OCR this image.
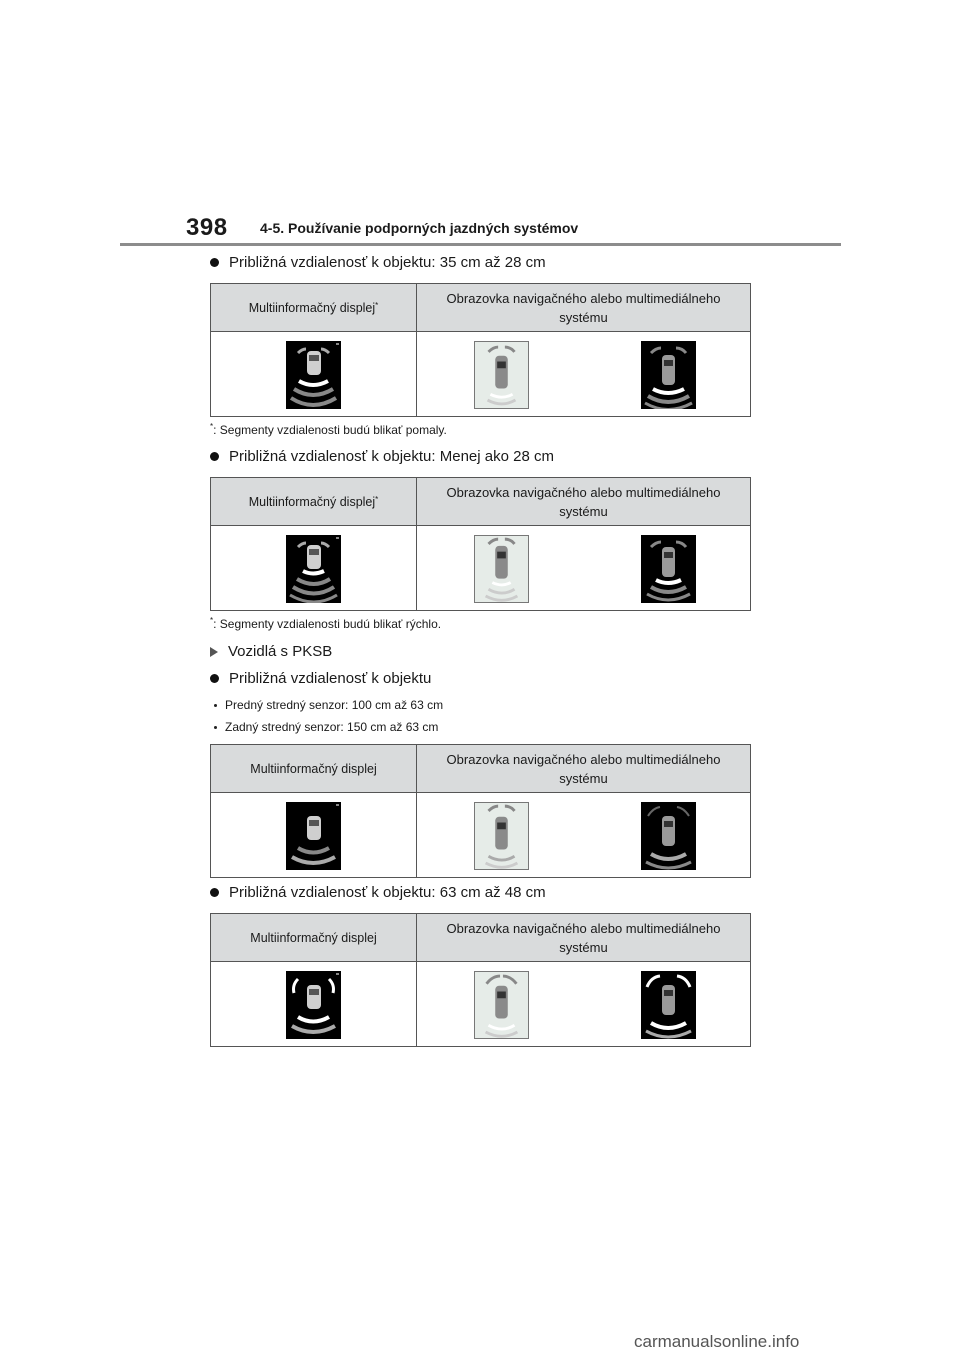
398 4-5. Používanie podporných jazdných systémov
Približná vzdialenosť k objektu: 35 cm až 28 cm
Multiinformačný displej*	Obrazovka navigačného alebo multimediálneho systému
*: Segmenty vzdialenosti budú blikať pomaly.
Približná vzdialenosť k objektu: Menej ako 28 cm
Multiinformačný displej*	Obrazovka navigačného alebo multimediálneho systému
*: Segmenty vzdialenosti budú blikať rýchlo.
Vozidlá s PKSB
Približná vzdialenosť k objektu
Predný stredný senzor: 100 cm až 63 cm
Zadný stredný senzor: 150 cm až 63 cm
Multiinformačný displej
Obrazovka navigačného alebo multimediálneho systému
Približná vzdialenosť k objektu: 63 cm až 48 cm
Multiinformačný displej
Obrazovka navigačného alebo multimediálneho systému
carmanualsonline.info
